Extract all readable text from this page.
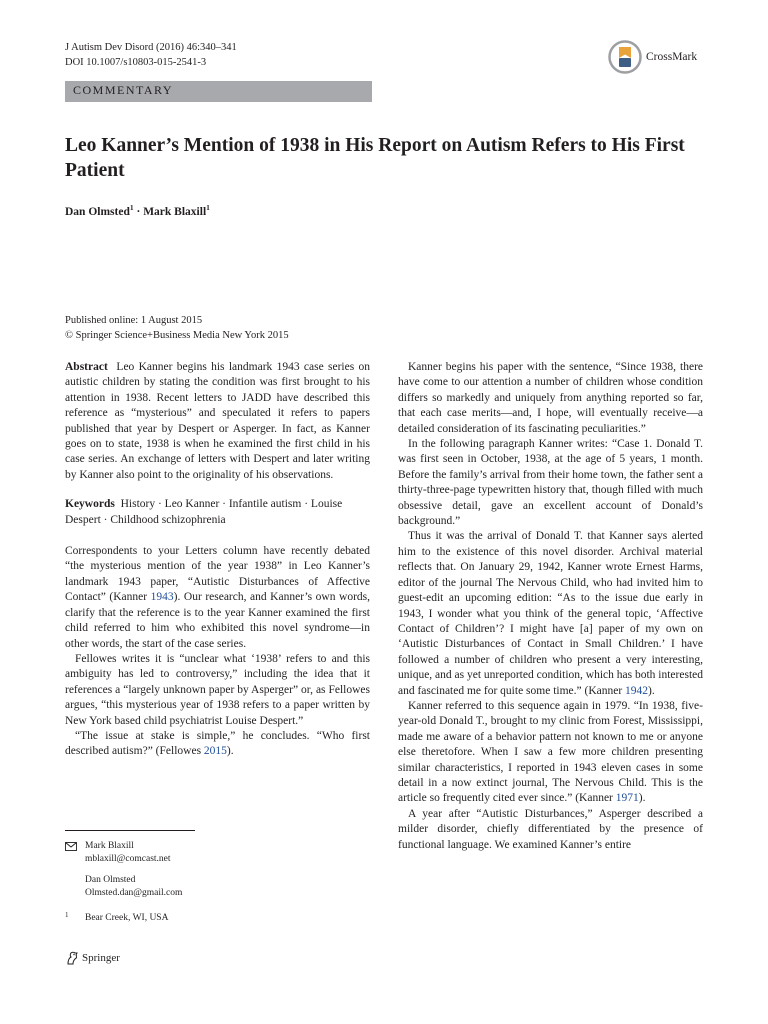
J Autism Dev Disord (2016) 46:340–341
DOI 10.1007/s10803-015-2541-3	CrossMark
COMMENTARY
Leo Kanner’s Mention of 1938 in His Report on Autism Refers to His First Patient
Dan Olmsted$^1$ · Mark Blaxill$^1$
Published online: 1 August 2015
© Springer Science+Business Media New York 2015

Abstract Leo Kanner begins his landmark 1943 case series on autistic children by stating the condition was first brought to his attention in 1938. Recent letters to JADD have described this reference as “mysterious” and speculated it refers to papers published that year by Despert or Asperger. In fact, as Kanner goes on to state, 1938 is when he examined the first child in his case series. An exchange of letters with Despert and later writing by Kanner also point to the originality of his observations.

Keywords History · Leo Kanner · Infantile autism · Louise Despert · Childhood schizophrenia

Correspondents to your Letters column have recently debated “the mysterious mention of the year 1938” in Leo Kanner’s landmark 1943 paper, “Autistic Disturbances of Affective Contact” (Kanner 1943). Our research, and Kanner’s own words, clarify that the reference is to the year Kanner examined the first child referred to him who exhibited this novel syndrome—in other words, the start of the case series.

Fellowes writes it is “unclear what ‘1938’ refers to and this ambiguity has led to controversy,” including the idea that it references a “largely unknown paper by Asperger” or, as Fellowes argues, “this mysterious year of 1938 refers to a paper written by New York based child psychiatrist Louise Despert.”

“The issue at stake is simple,” he concludes. “Who first described autism?” (Fellowes 2015).

Kanner begins his paper with the sentence, “Since 1938, there have come to our attention a number of children whose condition differs so markedly and uniquely from anything reported so far, that each case merits—and, I hope, will eventually receive—a detailed consideration of its fascinating peculiarities.”

In the following paragraph Kanner writes: “Case 1. Donald T. was first seen in October, 1938, at the age of 5 years, 1 month. Before the family’s arrival from their home town, the father sent a thirty-three-page typewritten history that, though filled with much obsessive detail, gave an excellent account of Donald’s background.”

Thus it was the arrival of Donald T. that Kanner says alerted him to the existence of this novel disorder. Archival material reflects that. On January 29, 1942, Kanner wrote Ernest Harms, editor of the journal The Nervous Child, who had invited him to guest-edit an upcoming edition: “As to the issue due early in 1943, I wonder what you think of the general topic, ‘Affective Contact of Children’? I might have [a] paper of my own on ‘Autistic Disturbances of Contact in Small Children.’ I have followed a number of children who present a very interesting, unique, and as yet unreported condition, which has both interested and fascinated me for quite some time.” (Kanner 1942).

Kanner referred to this sequence again in 1979. “In 1938, five-year-old Donald T., brought to my clinic from Forest, Mississippi, made me aware of a behavior pattern not known to me or anyone else theretofore. When I saw a few more children presenting similar characteristics, I reported in 1943 eleven cases in some detail in a now extinct journal, The Nervous Child. This is the article so frequently cited ever since.” (Kanner 1971).

A year after “Autistic Disturbances,” Asperger described a milder disorder, chiefly differentiated by the presence of functional language. We examined Kanner’s entire

Mark Blaxill
mblaxill@comcast.net
Dan Olmsted
Olmsted.dan@gmail.com
1	Bear Creek, WI, USA
Springer
